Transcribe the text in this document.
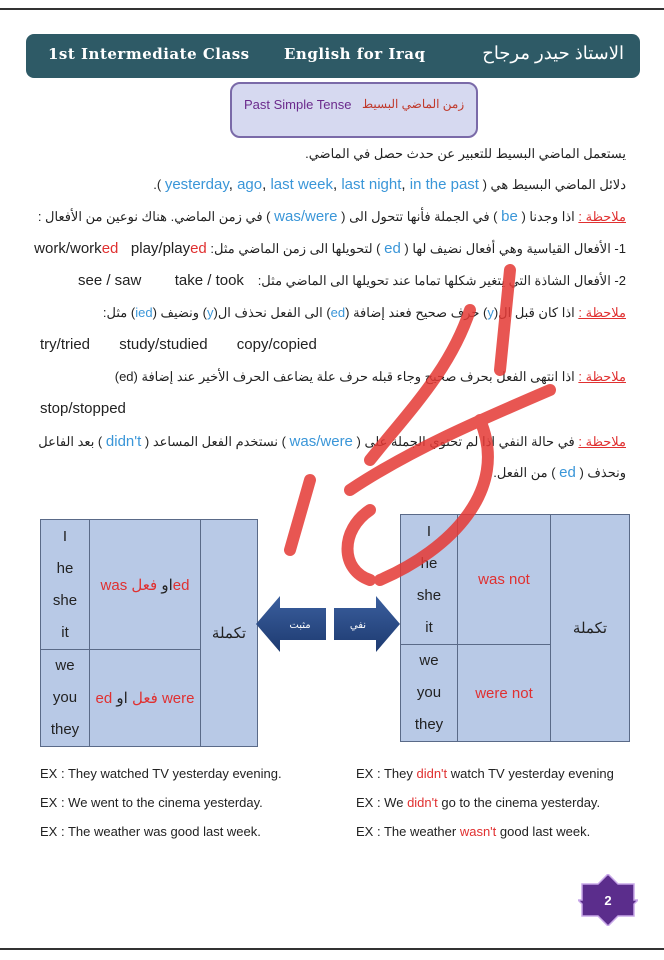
1st Intermediate Class English for Iraq	الاستاذ حيدر مرجاح
Past Simple Tense زمن الماضي البسيط
يستعمل الماضي البسيط للتعبير عن حدث حصل في الماضي.
دلائل الماضي البسيط هي ( yesterday, ago, last week, last night, in the past ).
ملاحظة : اذا وجدنا ( be ) في الجملة فأنها تتحول الى ( was/were ) في زمن الماضي. هناك نوعين من الأفعال :
1- الأفعال القياسية وهي أفعال نضيف لها ( ed ) لتحويلها الى زمن الماضي مثل: work/worked play/played
2- الأفعال الشاذة التي يتغير شكلها تماما عند تحويلها الى الماضي مثل:
see / saw take / took
ملاحظة : اذا كان قبل ال(y) حرف صحيح فعند إضافة (ed) الى الفعل نحذف ال(y) ونضيف (ied) مثل:
try/tried study/studied copy/copied
ملاحظة : اذا انتهى الفعل بحرف صحيح وجاء قبله حرف علة يضاعف الحرف الأخير عند إضافة (ed)
stop/stopped
ملاحظة : في حالة النفي اذا لم تحتوي الجملة على ( was/were ) نستخدم الفعل المساعد ( didn't ) بعد الفاعل
ونحذف ( ed ) من الفعل.
I
he
she
it	was او فعل ed	تكملة

we
you
they	ed فعل او were	
I
he
she
it	was not	تكملة

we
you
they	were not	
مثبت	نفي
EX : They watched TV yesterday evening.
EX : We went to the cinema yesterday.
EX : The weather was good last week.
EX : They didn't watch TV yesterday evening
EX : We didn't go to the cinema yesterday.
EX : The weather wasn't good last week.
2
